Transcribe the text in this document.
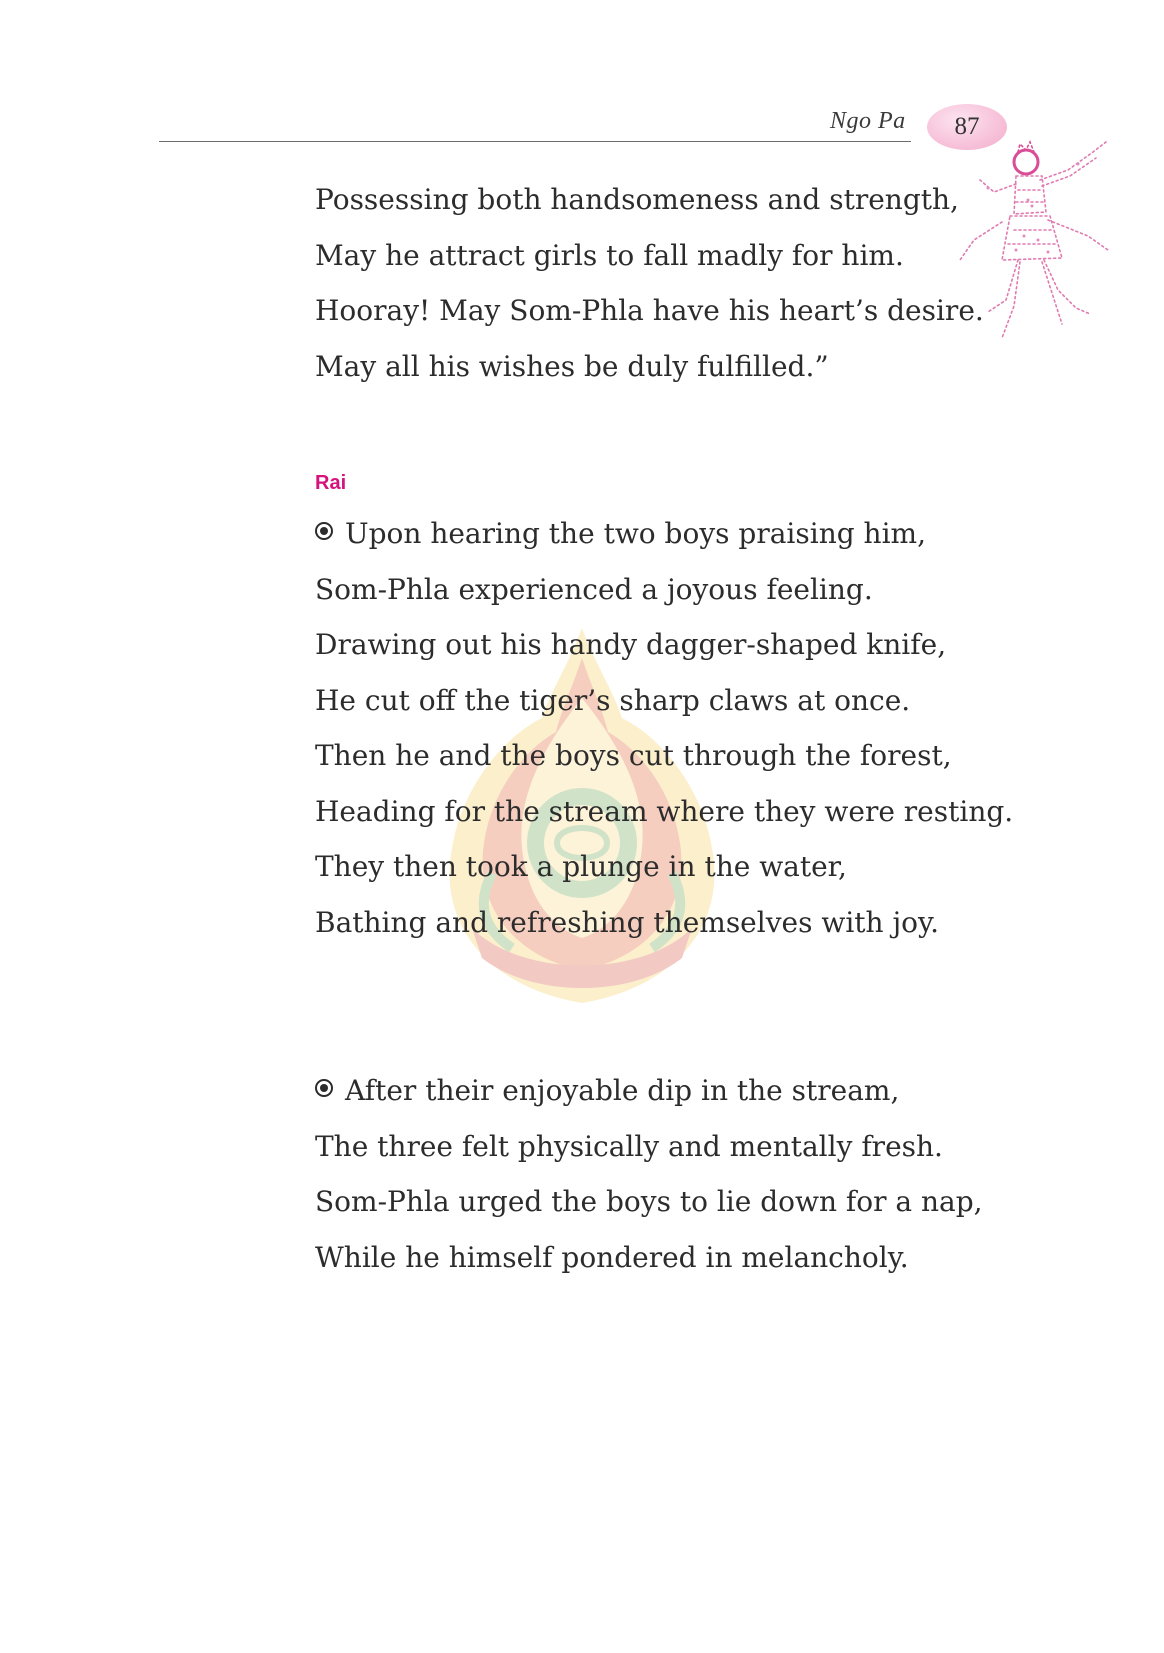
Ngo Pa 87
Possessing both handsomeness and strength,
May he attract girls to fall madly for him.
Hooray! May Som-Phla have his heart’s desire.
May all his wishes be duly fulfilled.”
Rai
Upon hearing the two boys praising him,
Som-Phla experienced a joyous feeling.
Drawing out his handy dagger-shaped knife,
He cut off the tiger’s sharp claws at once.
Then he and the boys cut through the forest,
Heading for the stream where they were resting.
They then took a plunge in the water,
Bathing and refreshing themselves with joy.
After their enjoyable dip in the stream,
The three felt physically and mentally fresh.
Som-Phla urged the boys to lie down for a nap,
While he himself pondered in melancholy.
